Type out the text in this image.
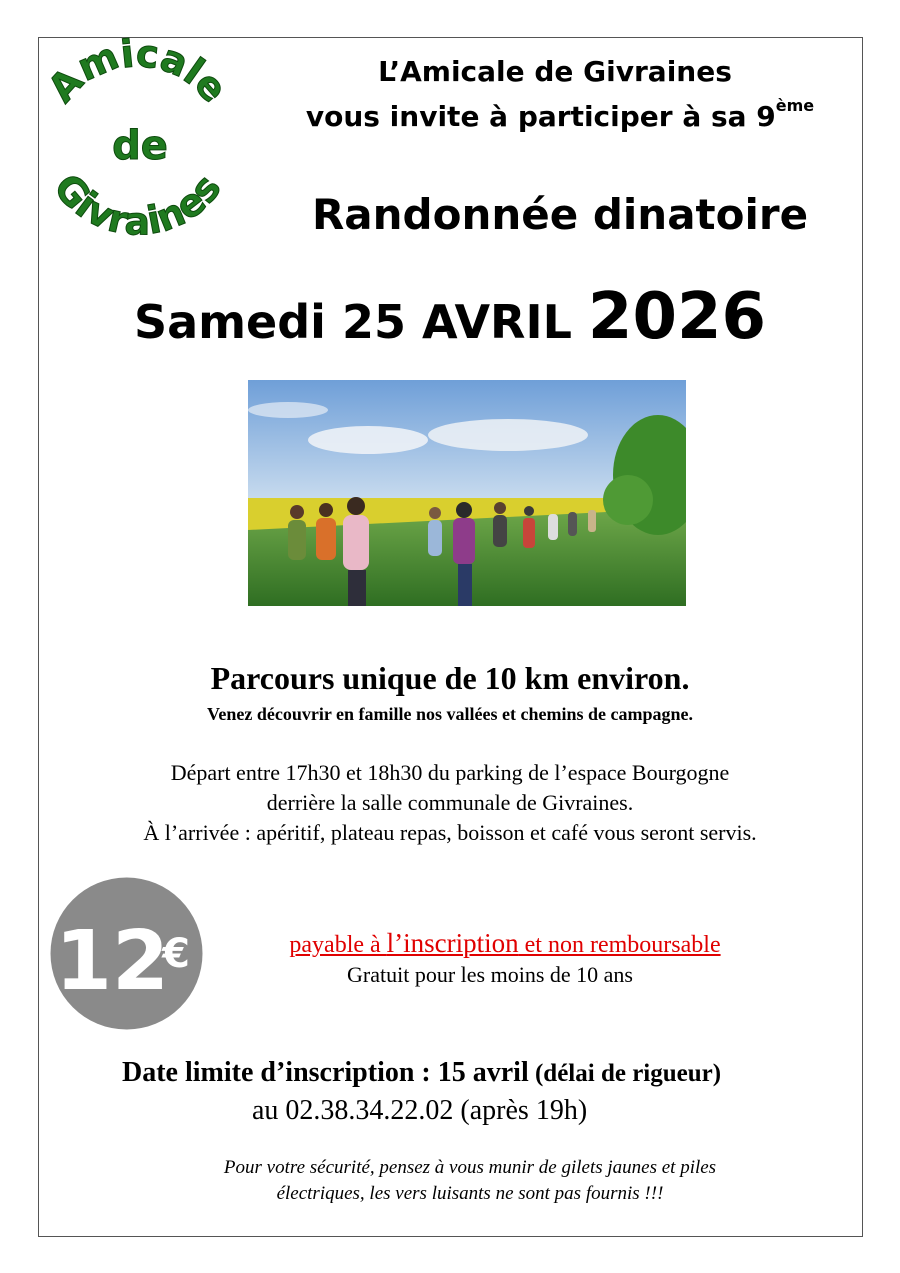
Amicale
de
Givraines
L’Amicale de Givraines
vous invite à participer à sa 9ème
Randonnée dinatoire
Samedi 25 AVRIL 2026
Parcours unique de 10 km environ.
Venez découvrir en famille nos vallées et chemins de campagne.
Départ entre 17h30 et 18h30 du parking de l’espace Bourgogne
derrière la salle communale de Givraines.
À l’arrivée : apéritif, plateau repas, boisson et café vous seront servis.
12
€	payable à l’inscription et non remboursable
Gratuit pour les moins de 10 ans
Date limite d’inscription : 15 avril (délai de rigueur)
au 02.38.34.22.02 (après 19h)
Pour votre sécurité, pensez à vous munir de gilets jaunes et piles
électriques, les vers luisants ne sont pas fournis !!!
